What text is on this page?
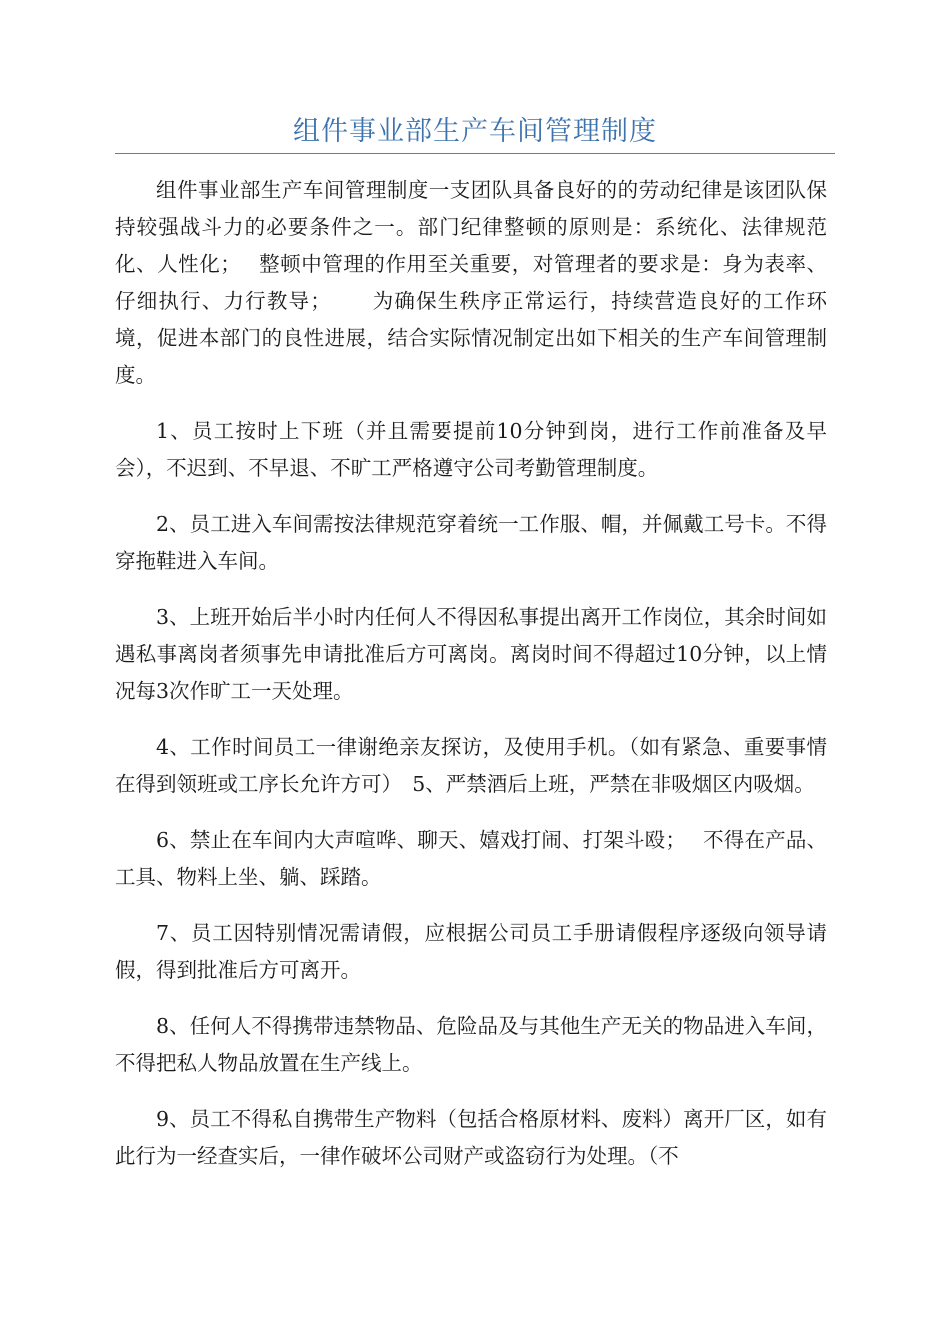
组件事业部生产车间管理制度

组件事业部生产车间管理制度一支团队具备良好的的劳动纪律是该团队保持较强战斗力的必要条件之一。部门纪律整顿的原则是：系统化、法律规范化、人性化；　 整顿中管理的作用至关重要，对管理者的要求是：身为表率、仔细执行、力行教导；　　 为确保生秩序正常运行，持续营造良好的工作环境，促进本部门的良性进展，结合实际情况制定出如下相关的生产车间管理制度。

1、员工按时上下班（并且需要提前10分钟到岗，进行工作前准备及早会），不迟到、不早退、不旷工严格遵守公司考勤管理制度。

2、员工进入车间需按法律规范穿着统一工作服、帽，并佩戴工号卡。不得穿拖鞋进入车间。

3、上班开始后半小时内任何人不得因私事提出离开工作岗位，其余时间如遇私事离岗者须事先申请批准后方可离岗。离岗时间不得超过10分钟，以上情况每3次作旷工一天处理。

4、工作时间员工一律谢绝亲友探访，及使用手机。（如有紧急、重要事情在得到领班或工序长允许方可）　5、严禁酒后上班，严禁在非吸烟区内吸烟。

6、禁止在车间内大声喧哗、聊天、嬉戏打闹、打架斗殴；　 不得在产品、工具、物料上坐、躺、踩踏。

7、员工因特别情况需请假，应根据公司员工手册请假程序逐级向领导请假，得到批准后方可离开。

8、任何人不得携带违禁物品、危险品及与其他生产无关的物品进入车间，不得把私人物品放置在生产线上。

9、员工不得私自携带生产物料（包括合格原材料、废料）离开厂区，如有此行为一经查实后，一律作破坏公司财产或盗窃行为处理。（不
